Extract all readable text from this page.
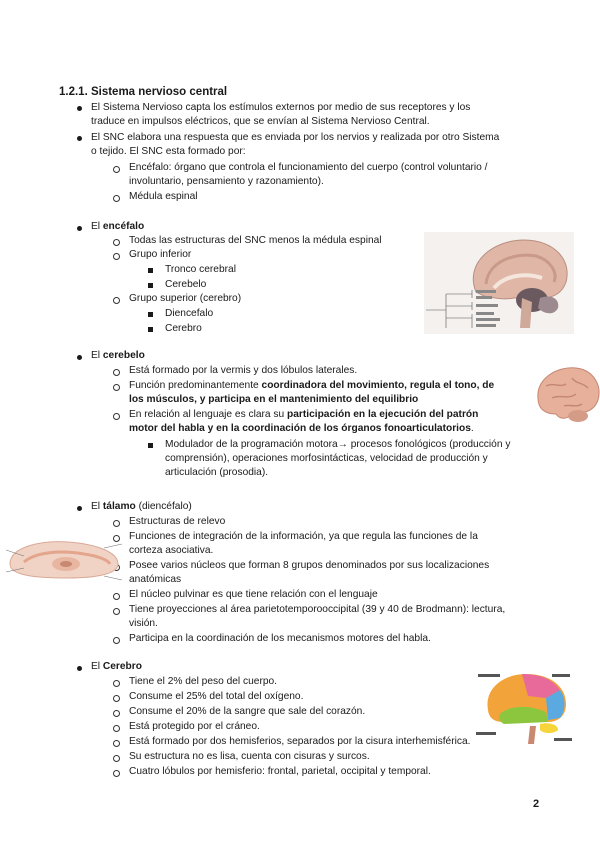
1.2.1. Sistema nervioso central
El Sistema Nervioso capta los estímulos externos por medio de sus receptores y los
traduce en impulsos eléctricos, que se envían al Sistema Nervioso Central.
El SNC elabora una respuesta que es enviada por los nervios y realizada por otro Sistema
o tejido. El SNC esta formado por:
Encéfalo: órgano que controla el funcionamiento del cuerpo (control voluntario /
involuntario, pensamiento y razonamiento).
Médula espinal
El encéfalo
Todas las estructuras del SNC menos la médula espinal
Grupo inferior
Tronco cerebral
Cerebelo
Grupo superior (cerebro)
Diencefalo
Cerebro
El cerebelo
Está formado por la vermis y dos lóbulos laterales.
Función predominantemente coordinadora del movimiento, regula el tono, de
los músculos, y participa en el mantenimiento del equilibrio
En relación al lenguaje es clara su participación en la ejecución del patrón
motor del habla y en la coordinación de los órganos fonoarticulatorios.
Modulador de la programación motora→ procesos fonológicos (producción y
comprensión), operaciones morfosintácticas, velocidad de producción y
articulación (prosodia).
El tálamo (diencéfalo)
Estructuras de relevo
Funciones de integración de la información, ya que regula las funciones de la
corteza asociativa.
Posee varios núcleos que forman 8 grupos denominados por sus localizaciones
anatómicas
El núcleo pulvinar es que tiene relación con el lenguaje
Tiene proyecciones al área parietotemporooccipital (39 y 40 de Brodmann): lectura,
visión.
Participa en la coordinación de los mecanismos motores del habla.
El Cerebro
Tiene el 2% del peso del cuerpo.
Consume el 25% del total del oxígeno.
Consume el 20% de la sangre que sale del corazón.
Está protegido por el cráneo.
Está formado por dos hemisferios, separados por la cisura interhemisférica.
Su estructura no es lisa, cuenta con cisuras y surcos.
Cuatro lóbulos por hemisferio: frontal, parietal, occipital y temporal.
2
